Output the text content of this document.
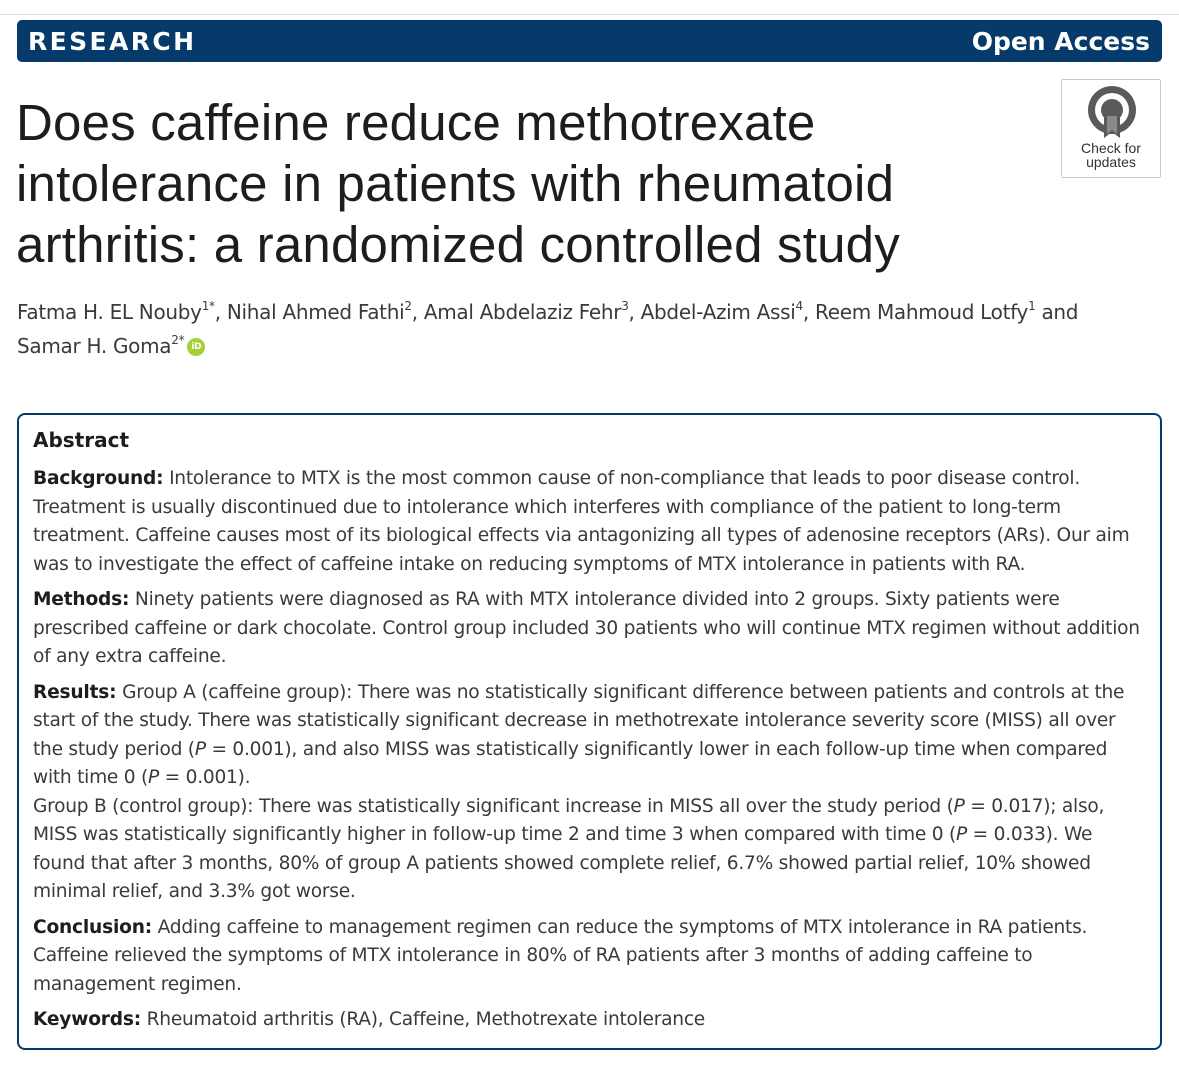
RESEARCH	Open Access
Does caffeine reduce methotrexate intolerance in patients with rheumatoid arthritis: a randomized controlled study
Check for
updates

Fatma H. EL Nouby$^{1*}$, Nihal Ahmed Fathi$^2$, Amal Abdelaziz Fehr$^3$, Abdel-Azim Assi$^4$, Reem Mahmoud Lotfy$^1$ and
Samar H. Goma$^{2*}$ iD

Abstract

Background: Intolerance to MTX is the most common cause of non-compliance that leads to poor disease control. Treatment is usually discontinued due to intolerance which interferes with compliance of the patient to long-term treatment. Caffeine causes most of its biological effects via antagonizing all types of adenosine receptors (ARs). Our aim was to investigate the effect of caffeine intake on reducing symptoms of MTX intolerance in patients with RA.

Methods: Ninety patients were diagnosed as RA with MTX intolerance divided into 2 groups. Sixty patients were prescribed caffeine or dark chocolate. Control group included 30 patients who will continue MTX regimen without addition of any extra caffeine.

Results: Group A (caffeine group): There was no statistically significant difference between patients and controls at the start of the study. There was statistically significant decrease in methotrexate intolerance severity score (MISS) all over the study period (P = 0.001), and also MISS was statistically significantly lower in each follow-up time when compared with time 0 (P = 0.001).
Group B (control group): There was statistically significant increase in MISS all over the study period (P = 0.017); also, MISS was statistically significantly higher in follow-up time 2 and time 3 when compared with time 0 (P = 0.033). We found that after 3 months, 80% of group A patients showed complete relief, 6.7% showed partial relief, 10% showed minimal relief, and 3.3% got worse.

Conclusion: Adding caffeine to management regimen can reduce the symptoms of MTX intolerance in RA patients. Caffeine relieved the symptoms of MTX intolerance in 80% of RA patients after 3 months of adding caffeine to management regimen.

Keywords: Rheumatoid arthritis (RA), Caffeine, Methotrexate intolerance
